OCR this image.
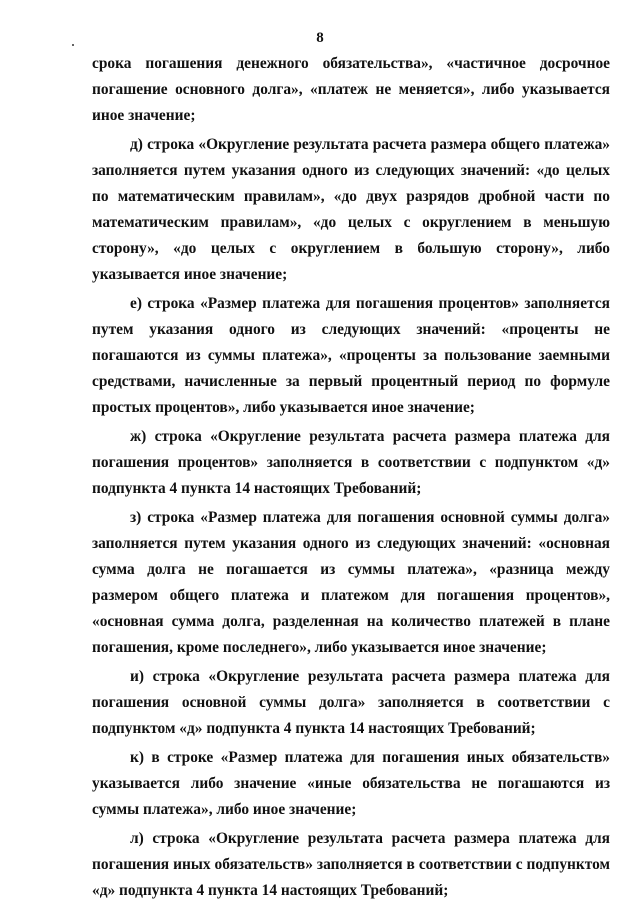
8

срока погашения денежного обязательства», «частичное досрочное погашение основного долга», «платеж не меняется», либо указывается иное значение;

д) строка «Округление результата расчета размера общего платежа» заполняется путем указания одного из следующих значений: «до целых по математическим правилам», «до двух разрядов дробной части по математическим правилам», «до целых с округлением в меньшую сторону», «до целых с округлением в большую сторону», либо указывается иное значение;

е) строка «Размер платежа для погашения процентов» заполняется путем указания одного из следующих значений: «проценты не погашаются из суммы платежа», «проценты за пользование заемными средствами, начисленные за первый процентный период по формуле простых процентов», либо указывается иное значение;

ж) строка «Округление результата расчета размера платежа для погашения процентов» заполняется в соответствии с подпунктом «д» подпункта 4 пункта 14 настоящих Требований;

з) строка «Размер платежа для погашения основной суммы долга» заполняется путем указания одного из следующих значений: «основная сумма долга не погашается из суммы платежа», «разница между размером общего платежа и платежом для погашения процентов», «основная сумма долга, разделенная на количество платежей в плане погашения, кроме последнего», либо указывается иное значение;

и) строка «Округление результата расчета размера платежа для погашения основной суммы долга» заполняется в соответствии с подпунктом «д» подпункта 4 пункта 14 настоящих Требований;

к) в строке «Размер платежа для погашения иных обязательств» указывается либо значение «иные обязательства не погашаются из суммы платежа», либо иное значение;

л) строка «Округление результата расчета размера платежа для погашения иных обязательств» заполняется в соответствии с подпунктом «д» подпункта 4 пункта 14 настоящих Требований;
